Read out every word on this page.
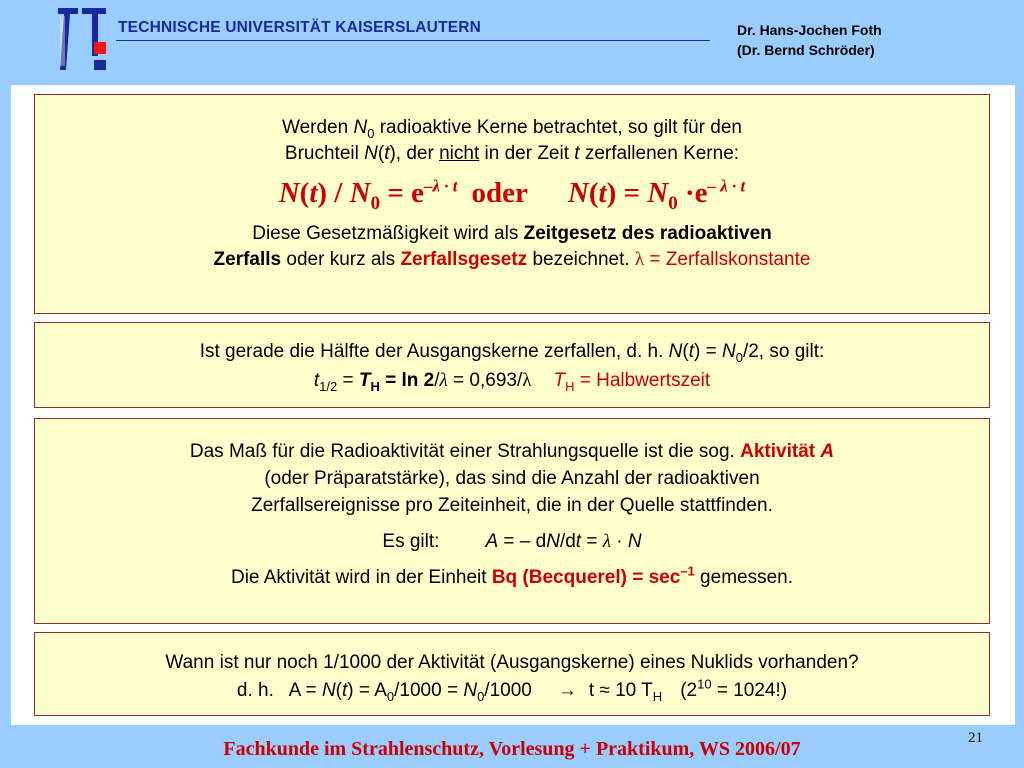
TECHNISCHE UNIVERSITÄT KAISERSLAUTERN	Dr. Hans-Jochen Foth
(Dr. Bernd Schröder)

Werden $N_0$ radioaktive Kerne betrachtet, so gilt für den

Bruchteil N(t), der nicht in der Zeit t zerfallenen Kerne:

$N(t) / N_0 = e^{-\lambda \cdot t}$ oder $N(t) = N_0 \cdot e^{- \lambda \cdot t}$

Diese Gesetzmäßigkeit wird als Zeitgesetz des radioaktiven

Zerfalls oder kurz als Zerfallsgesetz bezeichnet. λ = Zerfallskonstante

Ist gerade die Hälfte der Ausgangskerne zerfallen, d. h. $N(t) = N_0/2$, so gilt:

$t_{1/2} = T_H = \ln 2/\lambda = 0,693/\lambda$ $T_H$ = Halbwertszeit

Das Maß für die Radioaktivität einer Strahlungsquelle ist die sog. Aktivität A

(oder Präparatstärke), das sind die Anzahl der radioaktiven

Zerfallsereignisse pro Zeiteinheit, die in der Quelle stattfinden.

Es gilt: A = – dN/dt = λ · N

Die Aktivität wird in der Einheit Bq (Becquerel) = $\sec^{-1}$ gemessen.

Wann ist nur noch 1/1000 der Aktivität (Ausgangskerne) eines Nuklids vorhanden?

d. h.   $A = N(t) = A_0/1000 = N_0/1000 \to t \approx 10$ $T_H$ $(2^{10} = 1024!)$

21
Fachkunde im Strahlenschutz, Vorlesung + Praktikum, WS 2006/07
